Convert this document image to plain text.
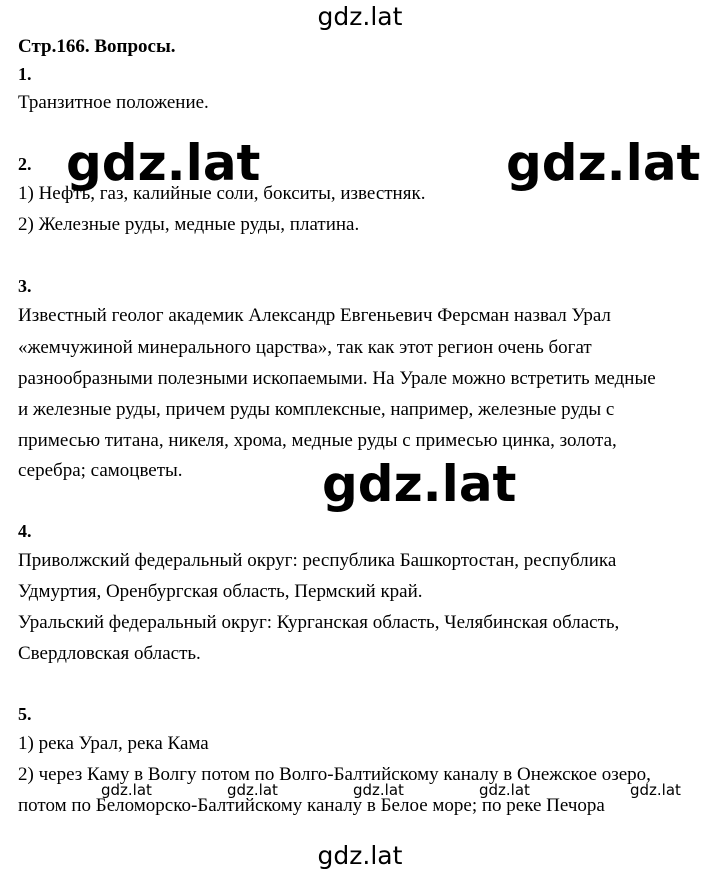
gdz.lat
gdz.lat	gdz.lat
gdz.lat
gdz.lat	gdz.lat	gdz.lat	gdz.lat	gdz.lat
gdz.lat
Стр.166. Вопросы.
1.
Транзитное положение.
2.
1) Нефть, газ, калийные соли, бокситы, известняк.
2) Железные руды, медные руды, платина.
3.
Известный геолог академик Александр Евгеньевич Ферсман назвал Урал
«жемчужиной минерального царства», так как этот регион очень богат
разнообразными полезными ископаемыми. На Урале можно встретить медные
и железные руды, причем руды комплексные, например, железные руды с
примесью титана, никеля, хрома, медные руды с примесью цинка, золота,
серебра; самоцветы.
4.
Приволжский федеральный округ: республика Башкортостан, республика
Удмуртия, Оренбургская область, Пермский край.
Уральский федеральный округ: Курганская область, Челябинская область,
Свердловская область.
5.
1) река Урал, река Кама
2) через Каму в Волгу потом по Волго-Балтийскому каналу в Онежское озеро,
потом по Беломорско-Балтийскому каналу в Белое море; по реке Печора
